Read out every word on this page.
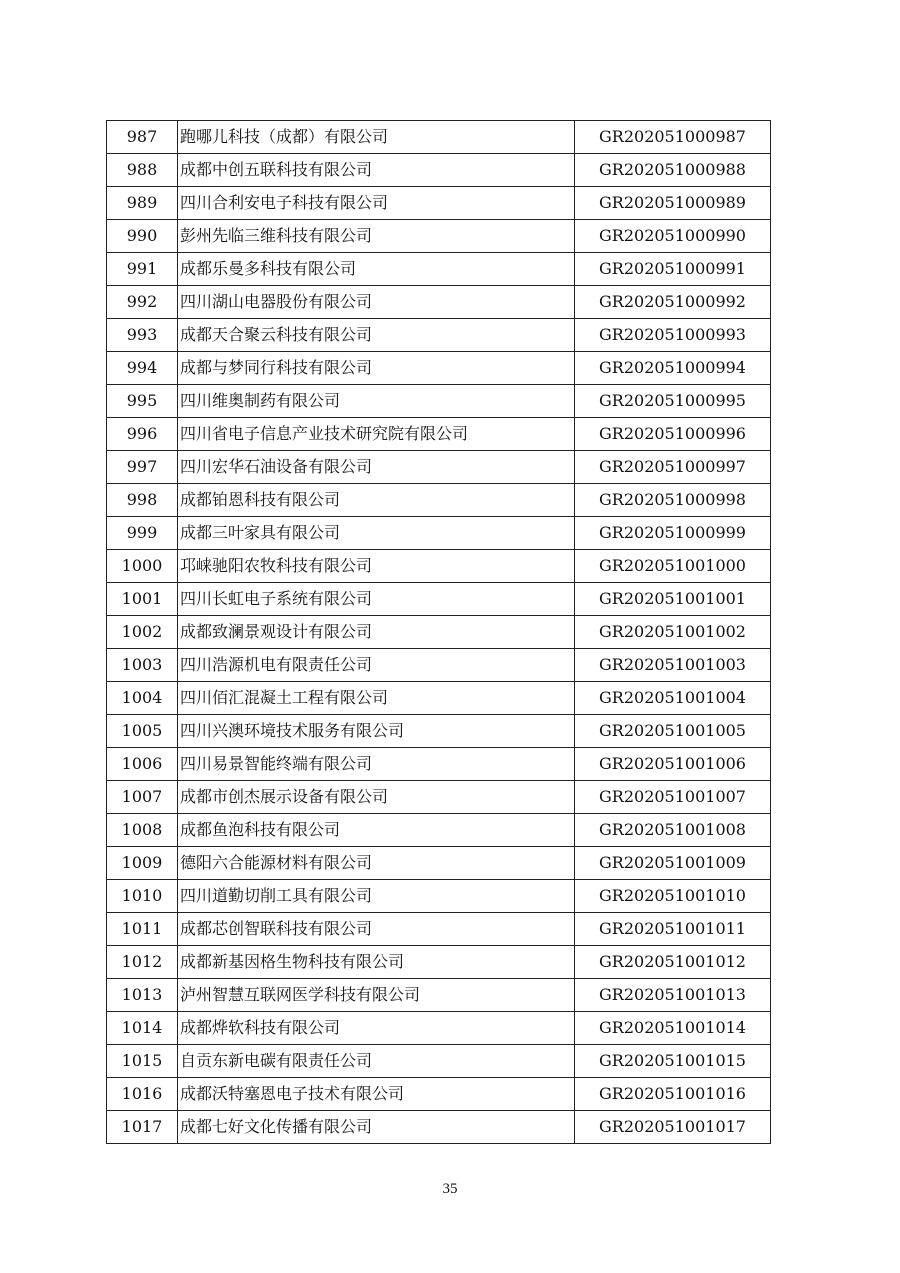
987	跑哪儿科技（成都）有限公司	GR202051000987
988	成都中创五联科技有限公司	GR202051000988
989	四川合利安电子科技有限公司	GR202051000989
990	彭州先临三维科技有限公司	GR202051000990
991	成都乐曼多科技有限公司	GR202051000991
992	四川湖山电器股份有限公司	GR202051000992
993	成都天合聚云科技有限公司	GR202051000993
994	成都与梦同行科技有限公司	GR202051000994
995	四川维奥制药有限公司	GR202051000995
996	四川省电子信息产业技术研究院有限公司	GR202051000996
997	四川宏华石油设备有限公司	GR202051000997
998	成都铂恩科技有限公司	GR202051000998
999	成都三叶家具有限公司	GR202051000999
1000	邛崃驰阳农牧科技有限公司	GR202051001000
1001	四川长虹电子系统有限公司	GR202051001001
1002	成都致澜景观设计有限公司	GR202051001002
1003	四川浩源机电有限责任公司	GR202051001003
1004	四川佰汇混凝土工程有限公司	GR202051001004
1005	四川兴澳环境技术服务有限公司	GR202051001005
1006	四川易景智能终端有限公司	GR202051001006
1007	成都市创杰展示设备有限公司	GR202051001007
1008	成都鱼泡科技有限公司	GR202051001008
1009	德阳六合能源材料有限公司	GR202051001009
1010	四川道勤切削工具有限公司	GR202051001010
1011	成都芯创智联科技有限公司	GR202051001011
1012	成都新基因格生物科技有限公司	GR202051001012
1013	泸州智慧互联网医学科技有限公司	GR202051001013
1014	成都烨软科技有限公司	GR202051001014
1015	自贡东新电碳有限责任公司	GR202051001015
1016	成都沃特塞恩电子技术有限公司	GR202051001016
1017	成都七好文化传播有限公司	GR202051001017
35
